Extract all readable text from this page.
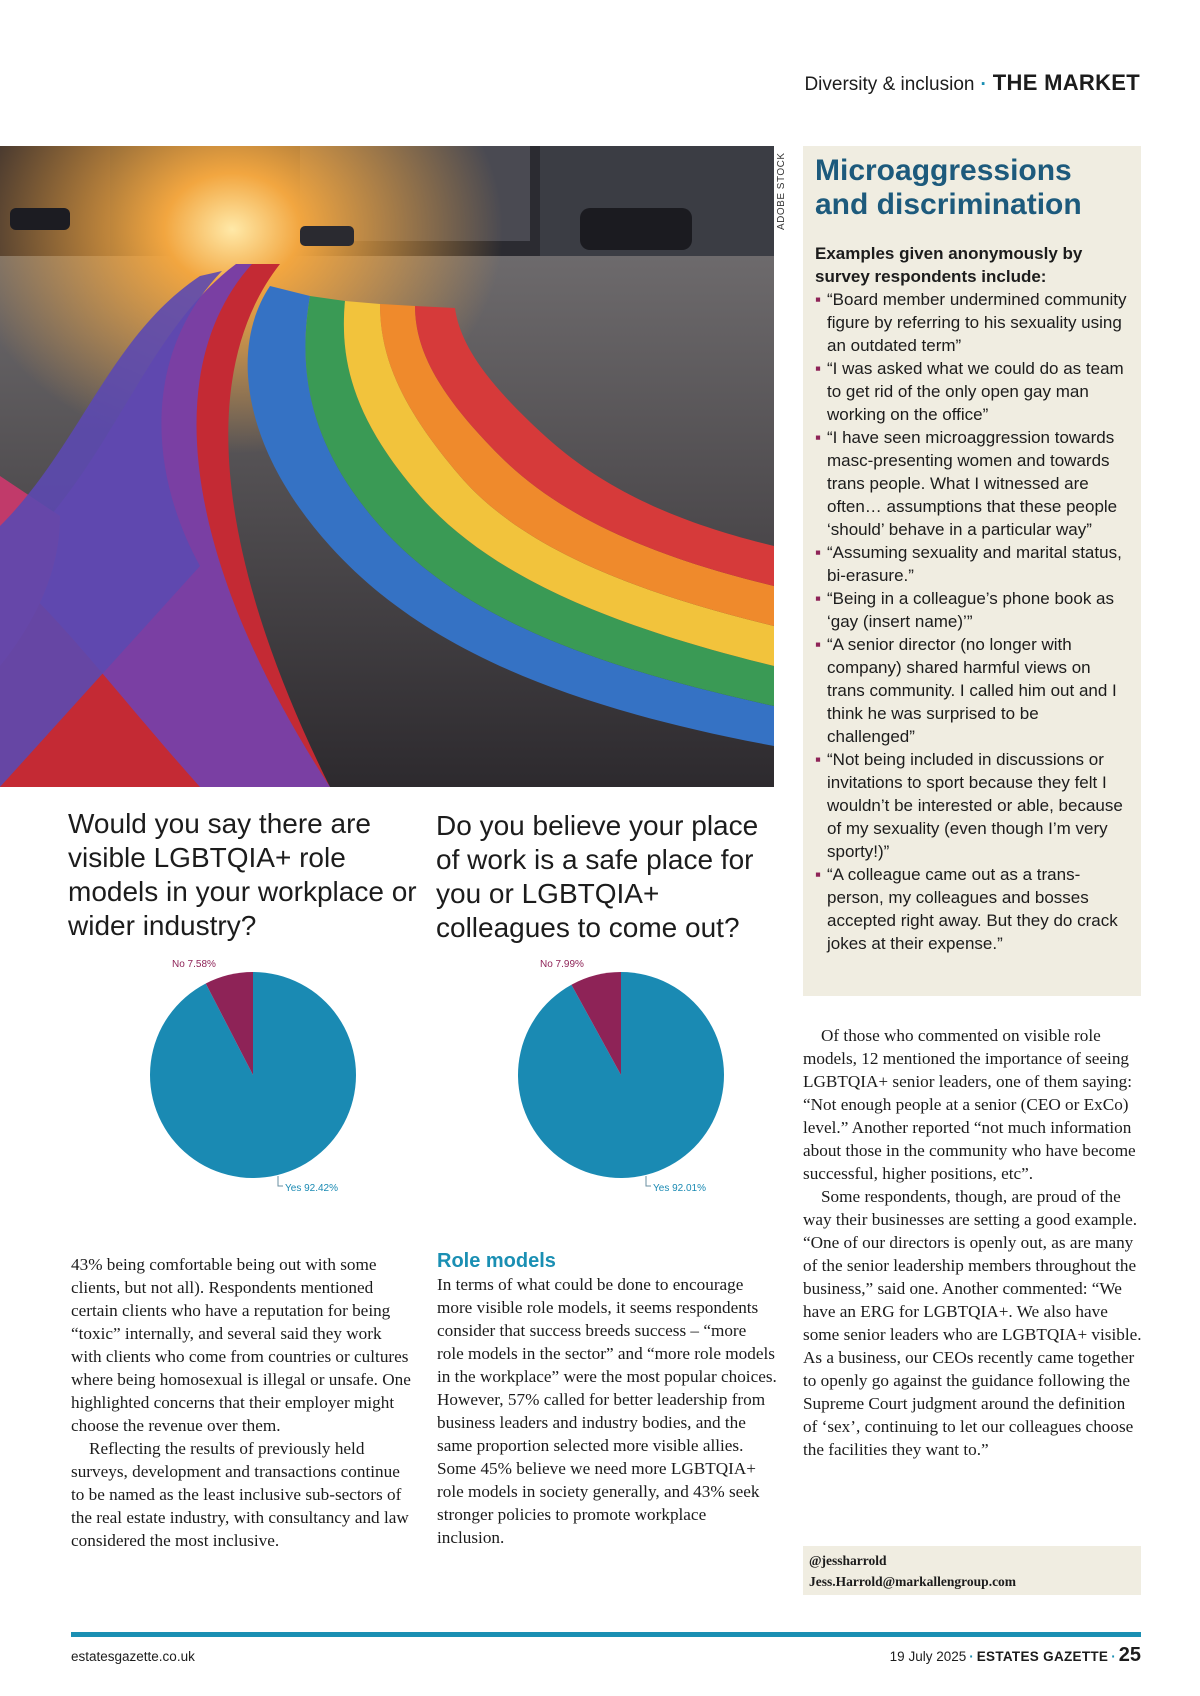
Diversity & inclusion · THE MARKET
ADOBE STOCK Microaggressions and discrimination
Examples given anonymously by survey respondents include:
▪ “Board member undermined community figure by referring to his sexuality using an outdated term”
▪ “I was asked what we could do as team to get rid of the only open gay man working on the office”
▪ “I have seen microaggression towards masc-presenting women and towards trans people. What I witnessed are often… assumptions that these people ‘should’ behave in a particular way”
▪ “Assuming sexuality and marital status, bi-erasure.”
▪ “Being in a colleague’s phone book as ‘gay (insert name)’”
▪ “A senior director (no longer with company) shared harmful views on trans community. I called him out and I think he was surprised to be challenged”
▪ “Not being included in discussions or invitations to sport because they felt I wouldn’t be interested or able, because of my sexuality (even though I’m very sporty!)”
▪ “A colleague came out as a trans-person, my colleagues and bosses accepted right away. But they do crack jokes at their expense.”
Would you say there are visible LGBTQIA+ role models in your workplace or wider industry?
Do you believe your place of work is a safe place for you or LGBTQIA+ colleagues to come out?
No 7.58%
Yes 92.42%
No 7.99%
Yes 92.01%

43% being comfortable being out with some clients, but not all). Respondents mentioned certain clients who have a reputation for being “toxic” internally, and several said they work with clients who come from countries or cultures where being homosexual is illegal or unsafe. One highlighted concerns that their employer might choose the revenue over them.

Reflecting the results of previously held surveys, development and transactions continue to be named as the least inclusive sub-sectors of the real estate industry, with consultancy and law considered the most inclusive.

Role models

In terms of what could be done to encourage more visible role models, it seems respondents consider that success breeds success – “more role models in the sector” and “more role models in the workplace” were the most popular choices. However, 57% called for better leadership from business leaders and industry bodies, and the same proportion selected more visible allies. Some 45% believe we need more LGBTQIA+ role models in society generally, and 43% seek stronger policies to promote workplace inclusion.

Of those who commented on visible role models, 12 mentioned the importance of seeing LGBTQIA+ senior leaders, one of them saying: “Not enough people at a senior (CEO or ExCo) level.” Another reported “not much information about those in the community who have become successful, higher positions, etc”.

Some respondents, though, are proud of the way their businesses are setting a good example. “One of our directors is openly out, as are many of the senior leadership members throughout the business,” said one. Another commented: “We have an ERG for LGBTQIA+. We also have some senior leaders who are LGBTQIA+ visible. As a business, our CEOs recently came together to openly go against the guidance following the Supreme Court judgment around the definition of ‘sex’, continuing to let our colleagues choose the facilities they want to.”

@jessharrold
Jess.Harrold@markallengroup.com
estatesgazette.co.uk	19 July 2025 · ESTATES GAZETTE · 25
